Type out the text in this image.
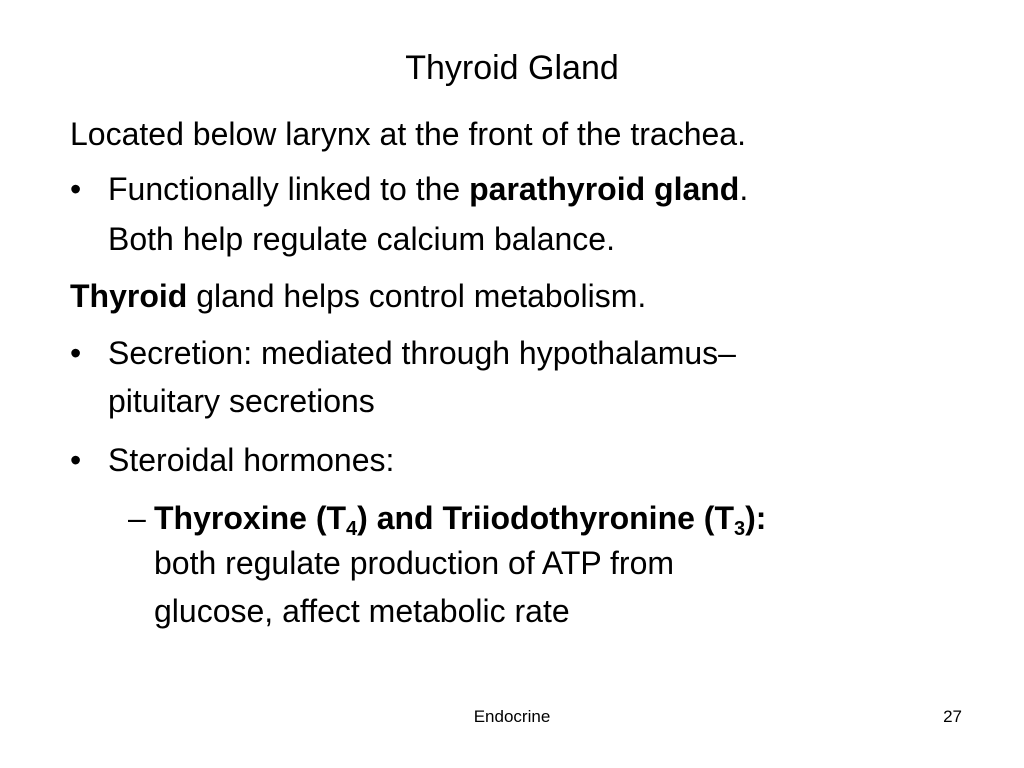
Thyroid Gland
Located below larynx at the front of the trachea.
• Functionally linked to the parathyroid gland.
Both help regulate calcium balance.
Thyroid gland helps control metabolism.
• Secretion: mediated through hypothalamus–
pituitary secretions
• Steroidal hormones:
– Thyroxine $(T_4)$ and Triiodothyronine $(T_3)$:
both regulate production of ATP from
glucose, affect metabolic rate
Endocrine	27
